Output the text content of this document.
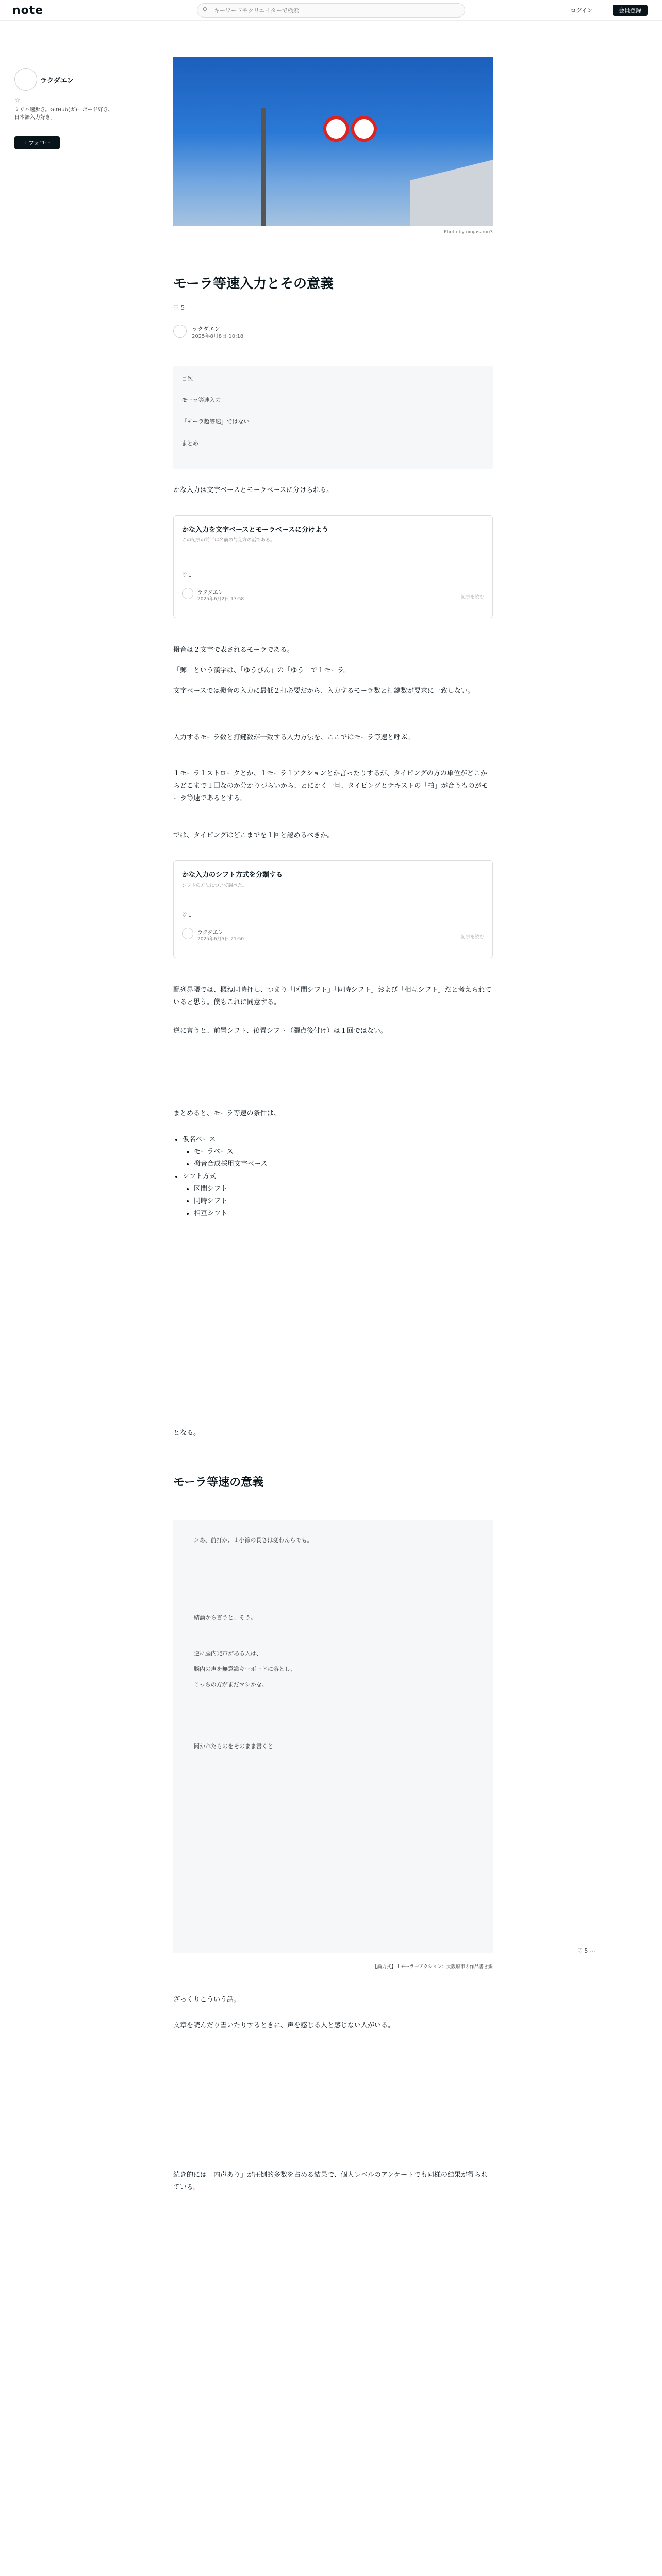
note	⚲
キーワードやクリエイターで検索	ログイン	会員登録
ラクダエン
☆
ミリハ速歩き。GitHub(ガ)—ボード好き、日本語入力好き。
+ フォロー
Photo by ninjasamu3
モーラ等速入力とその意義
♡ 5
ラクダエン
2025年8月8日 10:18
目次
モーラ等速入力
「モーラ超等速」ではない
まとめ
かな入力は文字ベースとモーラベースに分けられる。
かな入力を文字ベースとモーラベースに分けよう
この記事の前半は名前の与え方の話である。
♡ 1
ラクダエン
2025年6月2日 17:58	記事を読む
撥音は２文字で表されるモーラである。
「郵」という漢字は、「ゆうびん」の「ゆう」で１モーラ。
文字ベースでは撥音の入力に最低２打必要だから、入力するモーラ数と打鍵数が要求に一致しない。
入力するモーラ数と打鍵数が一致する入力方法を、ここではモーラ等速と呼ぶ。
１モーラ１ストロークとか、１モーラ１アクションとか言ったりするが、タイピングの方の単位がどこからどこまで１回なのか分かりづらいから、とにかく一旦、タイピングとテキストの「拍」が合うものがモーラ等速であるとする。
では、タイピングはどこまでを１回と認めるべきか。
かな入力のシフト方式を分類する
シフトの方法について調べた。
♡ 1
ラクダエン
2025年6月5日 21:50	記事を読む
配列界隈では、概ね同時押し、つまり「区間シフト」「同時シフト」および「相互シフト」だと考えられていると思う。僕もこれに同意する。
逆に言うと、前置シフト、後置シフト（濁点後付け）は１回ではない。
まとめると、モーラ等速の条件は、
• 仮名ベース
• モーラベース
• 撥音合成採用文字ベース
• シフト方式
• 区間シフト
• 同時シフト
• 相互シフト
となる。
モーラ等速の意義
＞あ、前打か、１小節の長さは変わんらでも。
結論から言うと、そう。
逆に脳内発声がある人は、
脳内の声を無意識キーボードに落とし、
こっちの方がまだマシかな。
聞かれたものをそのまま書くと
【論力式】１モーラ一アクション：大阪府市の作品書き線
ざっくりこういう話。
文章を読んだり書いたりするときに、声を感じる人と感じない人がいる。
続き的には「内声あり」が圧倒的多数を占める結果で、個人レベルのアンケートでも同様の結果が得られている。
♡ 5 ⋯
